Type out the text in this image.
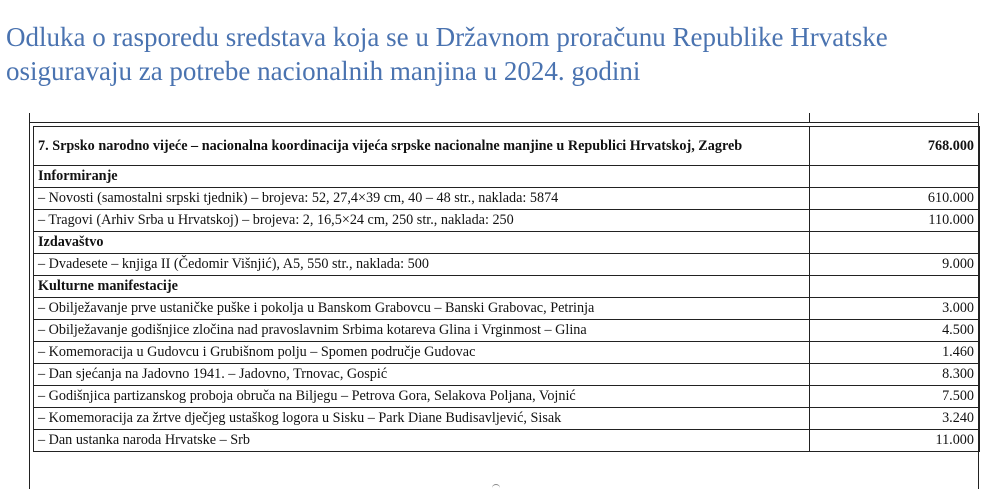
Odluka o rasporedu sredstava koja se u Državnom proračunu Republike Hrvatske
osiguravaju za potrebe nacionalnih manjina u 2024. godini
7. Srpsko narodno vijeće – nacionalna koordinacija vijeća srpske nacionalne manjine u Republici Hrvatskoj, Zagreb	768.000
Informiranje	
– Novosti (samostalni srpski tjednik) – brojeva: 52, 27,4×39 cm, 40 – 48 str., naklada: 5874	610.000
– Tragovi (Arhiv Srba u Hrvatskoj) – brojeva: 2, 16,5×24 cm, 250 str., naklada: 250	110.000
Izdavaštvo	
– Dvadesete – knjiga II (Čedomir Višnjić), A5, 550 str., naklada: 500	9.000
Kulturne manifestacije	
– Obilježavanje prve ustaničke puške i pokolja u Banskom Grabovcu – Banski Grabovac, Petrinja	3.000
– Obilježavanje godišnjice zločina nad pravoslavnim Srbima kotareva Glina i Vrginmost – Glina	4.500
– Komemoracija u Gudovcu i Grubišnom polju – Spomen područje Gudovac	1.460
– Dan sjećanja na Jadovno 1941. – Jadovno, Trnovac, Gospić	8.300
– Godišnjica partizanskog proboja obruča na Biljegu – Petrova Gora, Selakova Poljana, Vojnić	7.500
– Komemoracija za žrtve dječjeg ustaškog logora u Sisku – Park Diane Budisavljević, Sisak	3.240
– Dan ustanka naroda Hrvatske – Srb	11.000
